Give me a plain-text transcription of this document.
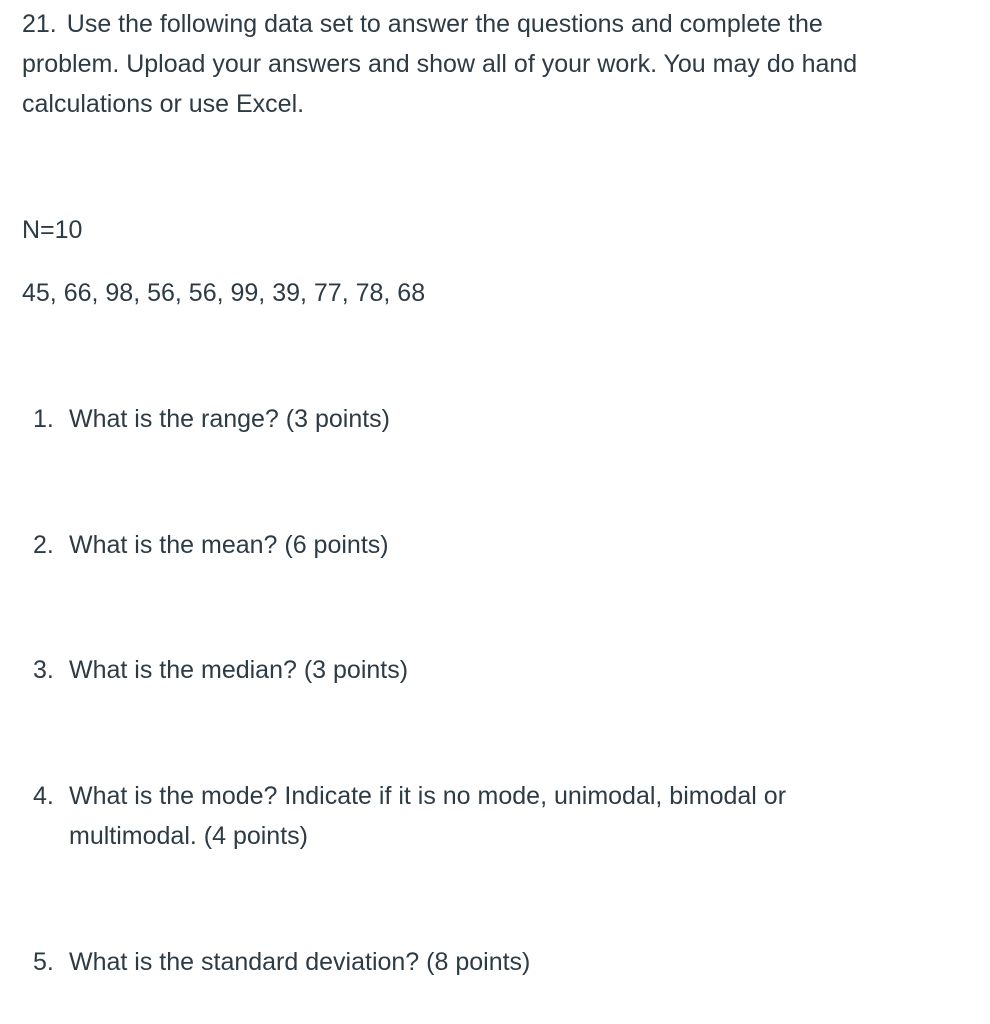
21. Use the following data set to answer the questions and complete the problem. Upload your answers and show all of your work. You may do hand calculations or use Excel.

N=10

45, 66, 98, 56, 56, 99, 39, 77, 78, 68

1. What is the range? (3 points)
2. What is the mean? (6 points)
3. What is the median? (3 points)
4. What is the mode? Indicate if it is no mode, unimodal, bimodal or multimodal. (4 points)
5. What is the standard deviation? (8 points)
